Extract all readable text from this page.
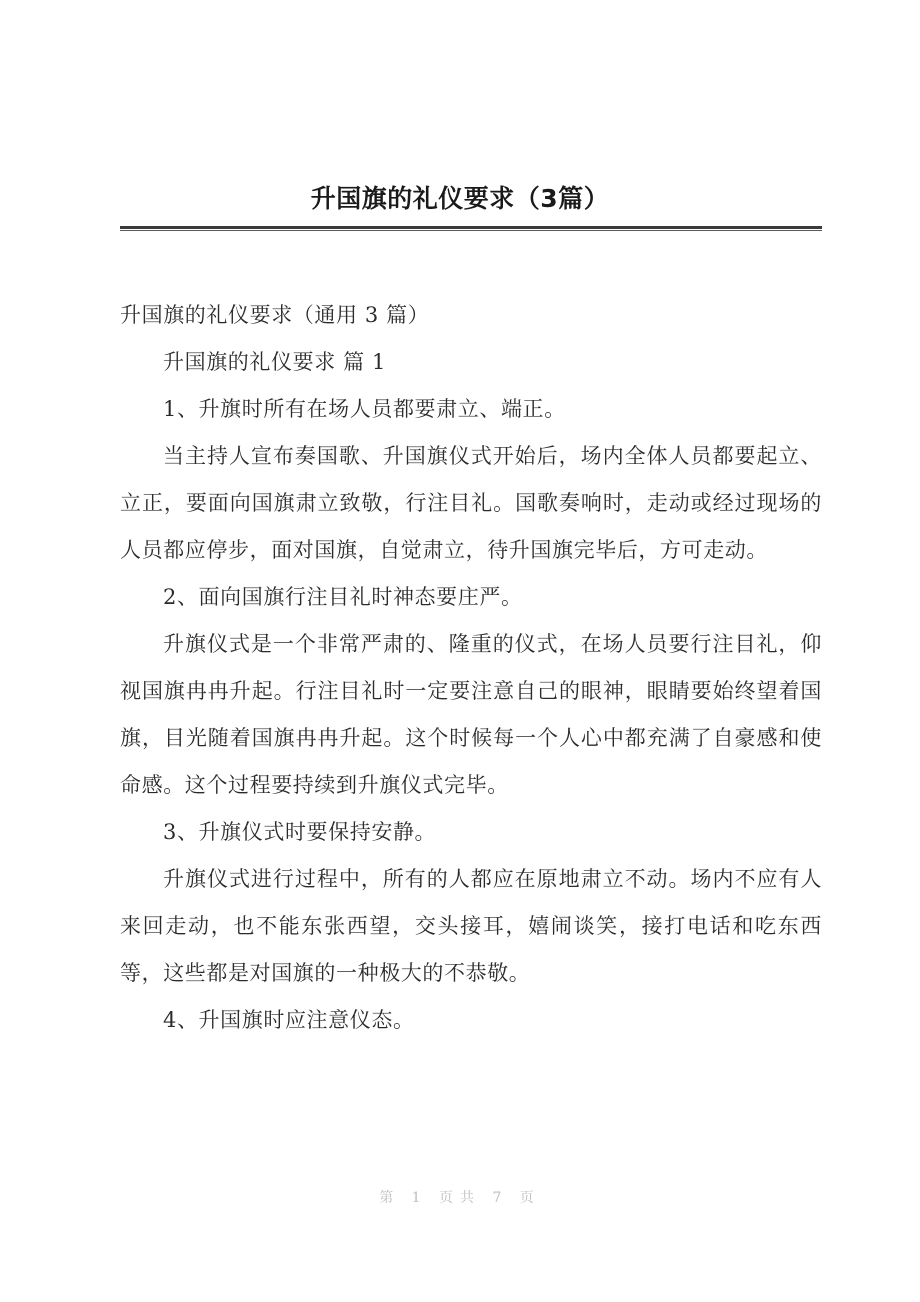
升国旗的礼仪要求（3篇）

升国旗的礼仪要求（通用 3 篇）

升国旗的礼仪要求 篇 1

1、升旗时所有在场人员都要肃立、端正。

当主持人宣布奏国歌、升国旗仪式开始后，场内全体人员都要起立、立正，要面向国旗肃立致敬，行注目礼。国歌奏响时，走动或经过现场的人员都应停步，面对国旗，自觉肃立，待升国旗完毕后，方可走动。

2、面向国旗行注目礼时神态要庄严。

升旗仪式是一个非常严肃的、隆重的仪式，在场人员要行注目礼，仰视国旗冉冉升起。行注目礼时一定要注意自己的眼神，眼睛要始终望着国旗，目光随着国旗冉冉升起。这个时候每一个人心中都充满了自豪感和使命感。这个过程要持续到升旗仪式完毕。

3、升旗仪式时要保持安静。

升旗仪式进行过程中，所有的人都应在原地肃立不动。场内不应有人来回走动，也不能东张西望，交头接耳，嬉闹谈笑，接打电话和吃东西等，这些都是对国旗的一种极大的不恭敬。

4、升国旗时应注意仪态。

第 1 页共 7 页
